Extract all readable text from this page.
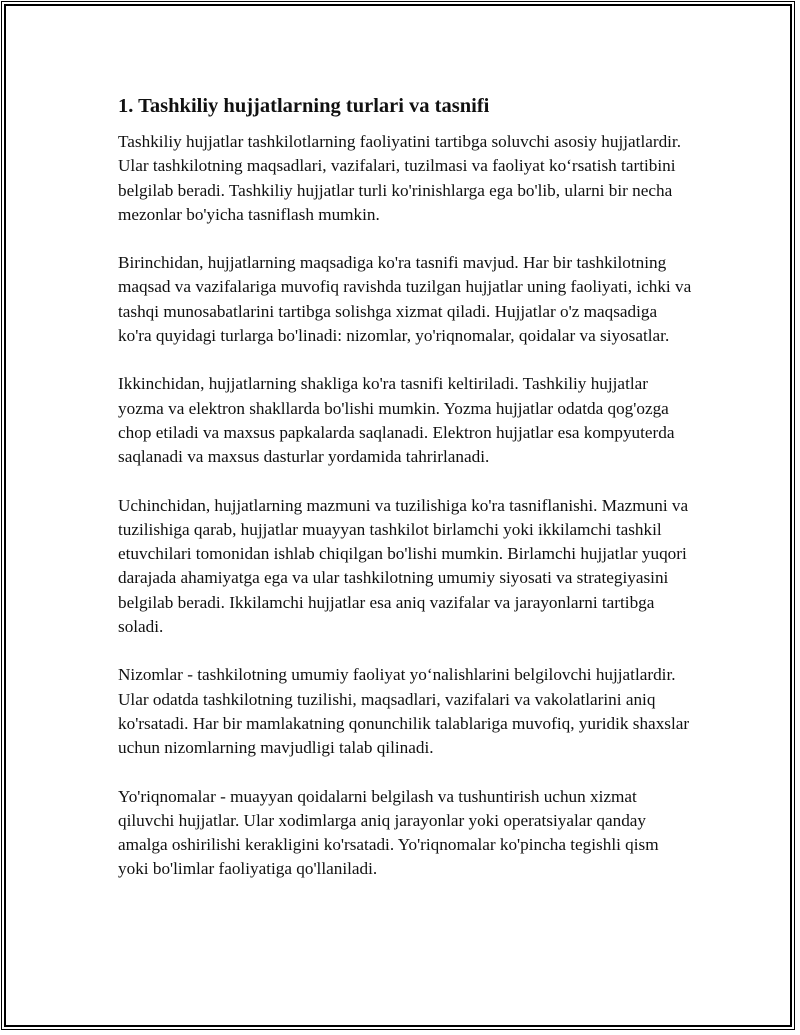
1. Tashkiliy hujjatlarning turlari va tasnifi

Tashkiliy hujjatlar tashkilotlarning faoliyatini tartibga soluvchi asosiy hujjatlardir. Ular tashkilotning maqsadlari, vazifalari, tuzilmasi va faoliyat ko‘rsatish tartibini belgilab beradi. Tashkiliy hujjatlar turli ko'rinishlarga ega bo'lib, ularni bir necha mezonlar bo'yicha tasniflash mumkin.

Birinchidan, hujjatlarning maqsadiga ko'ra tasnifi mavjud. Har bir tashkilotning maqsad va vazifalariga muvofiq ravishda tuzilgan hujjatlar uning faoliyati, ichki va tashqi munosabatlarini tartibga solishga xizmat qiladi. Hujjatlar o'z maqsadiga ko'ra quyidagi turlarga bo'linadi: nizomlar, yo'riqnomalar, qoidalar va siyosatlar.

Ikkinchidan, hujjatlarning shakliga ko'ra tasnifi keltiriladi. Tashkiliy hujjatlar yozma va elektron shakllarda bo'lishi mumkin. Yozma hujjatlar odatda qog'ozga chop etiladi va maxsus papkalarda saqlanadi. Elektron hujjatlar esa kompyuterda saqlanadi va maxsus dasturlar yordamida tahrirlanadi.

Uchinchidan, hujjatlarning mazmuni va tuzilishiga ko'ra tasniflanishi. Mazmuni va tuzilishiga qarab, hujjatlar muayyan tashkilot birlamchi yoki ikkilamchi tashkil etuvchilari tomonidan ishlab chiqilgan bo'lishi mumkin. Birlamchi hujjatlar yuqori darajada ahamiyatga ega va ular tashkilotning umumiy siyosati va strategiyasini belgilab beradi. Ikkilamchi hujjatlar esa aniq vazifalar va jarayonlarni tartibga soladi.

Nizomlar - tashkilotning umumiy faoliyat yo‘nalishlarini belgilovchi hujjatlardir. Ular odatda tashkilotning tuzilishi, maqsadlari, vazifalari va vakolatlarini aniq ko'rsatadi. Har bir mamlakatning qonunchilik talablariga muvofiq, yuridik shaxslar uchun nizomlarning mavjudligi talab qilinadi.

Yo'riqnomalar - muayyan qoidalarni belgilash va tushuntirish uchun xizmat qiluvchi hujjatlar. Ular xodimlarga aniq jarayonlar yoki operatsiyalar qanday amalga oshirilishi kerakligini ko'rsatadi. Yo'riqnomalar ko'pincha tegishli qism yoki bo'limlar faoliyatiga qo'llaniladi.
